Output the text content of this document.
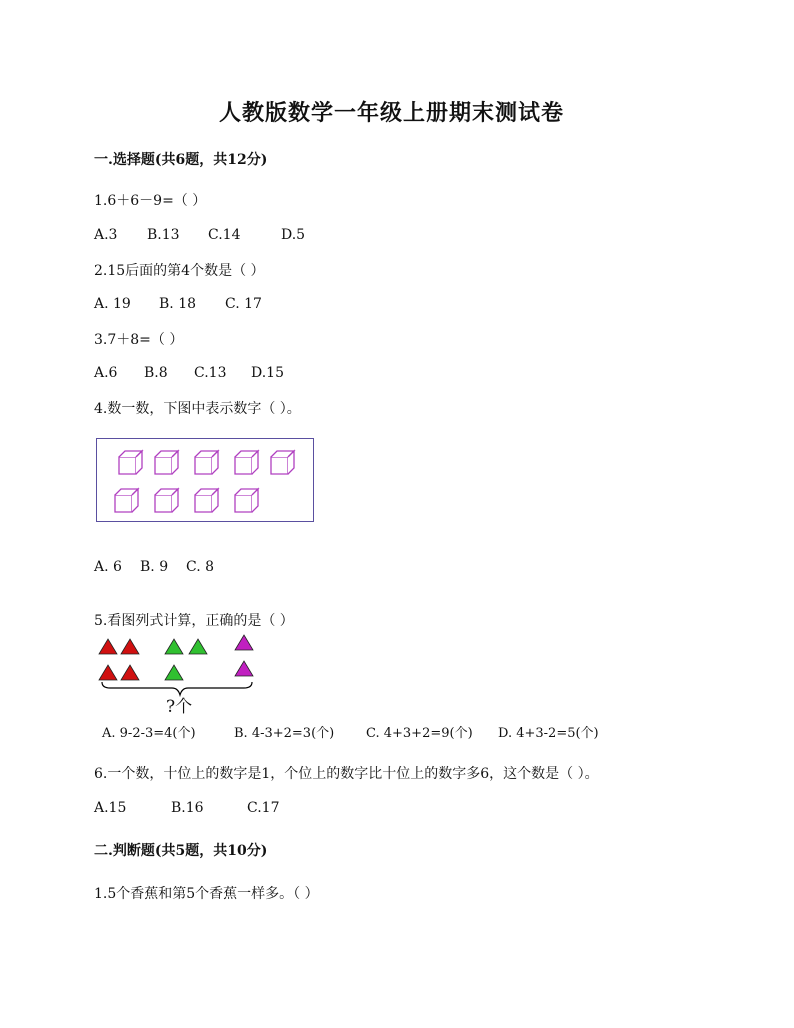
人教版数学一年级上册期末测试卷
一.选择题(共6题，共12分)
1.6＋6－9=（ ）
A.3 B.13 C.14	D.5
2.15后面的第4个数是（ ）
A. 19 B. 18 C. 17
3.7＋8=（ ）
A.6 B.8 C.13 D.15
4.数一数，下图中表示数字（ ）。
A. 6 B. 9 C. 8
5.看图列式计算，正确的是（ ）
?个
A. 9-2-3=4(个)	B. 4-3+2=3(个) C. 4+3+2=9(个) D. 4+3-2=5(个)
6.一个数，十位上的数字是1，个位上的数字比十位上的数字多6，这个数是（ ）。
A.15	B.16	C.17
二.判断题(共5题，共10分)
1.5个香蕉和第5个香蕉一样多。（ ）
